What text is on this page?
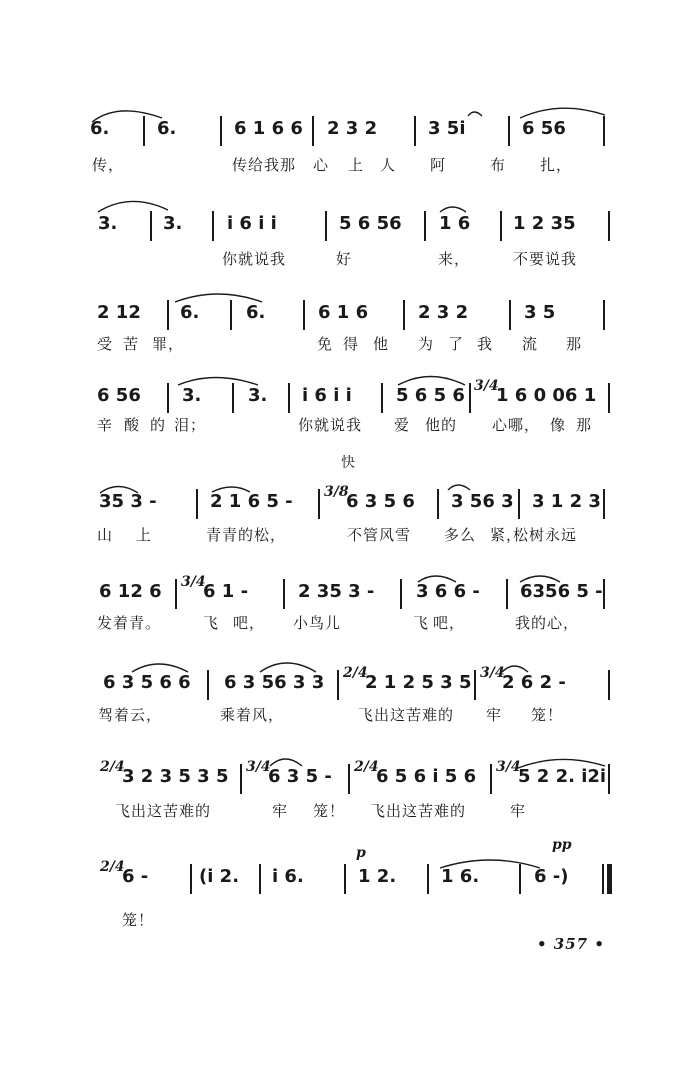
6.	6.	6 1 6 6 2 3 2	3 5i	6 56
传，	传给我那 心 上 人 阿	布 扎，
3.	3. i 6 i i	5 6 56 1 6 1 2 35
你就说我	好	来，	不要说我
2 12 6.	6.	6 1 6	2 3 2	3 5
受 苦 罪，	免 得 他 为 了 我 流 那
6 56 3.	3. i 6 i i 5 6 5 6 3/4
1 6 0 06 1
辛 酸 的 泪；	你就说我 爱 他的 心哪， 像 那
快
35 3 -	2 1 6 5 - 3/8
6 3 5 6 3 56 3 3 1 2 3
山 上	青青的松，	不管风雪 多么 紧，
松树永远
6 12 6 3/4
6 1 -	2 35 3 - 3 6 6 - 6356 5 -
发着青。	飞 吧， 小鸟儿	飞 吧，	我的心，
6 3 5 6 6 6 3 56 3 3 2/4
2 1 2 5 3 5 3/4
2 6 2 -
驾着云，	乘着风，	飞出这苦难的 牢 笼！
2/4
3 2 3 5 3 5 3/4
6 3 5 - 2/4
6 5 6 i 5 6 3/4
5 2 2. i2i
飞出这苦难的	牢 笼！ 飞出这苦难的	牢
p	pp
2/4
6 -	(i 2. i 6.	1 2. 1 6.	6 -)
笼！
• 357 •
